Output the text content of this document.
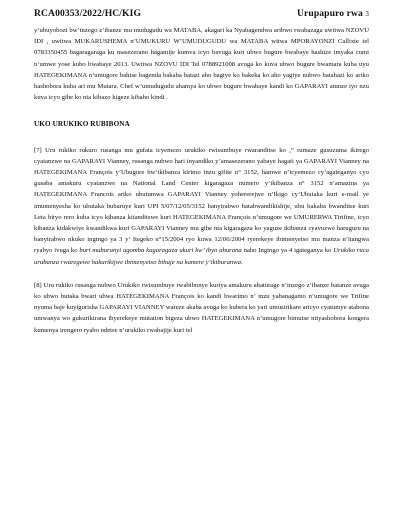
RCA00353/2022/HC/KIG	Urupapuro rwa 3

y’ubuyobozi bw’inzego z’ibanze mu mudugudu wa MATABA, akagari ka Nyabagendwa aribwo rwabazaga uwitwa NZOVU IDI , uwitwa MUKARUSHEMA n’UMUKURU W’UMUDUGUDU wa MATABA witwa MPORAYONZI Callixte tel 0783350455 bagaragaraga ku masezerano hagamije kumva icyo bavuga kuri ubwo bugure bwabaye hashize imyaka cumi n’umwe yose kubo bwabaye 2013. Uwitwa NZOVU IDI Tel 0788921008 avuga ko kuva ubwo bugure bwamara kuba uyu HATEGEKIMANA n’umugore bahise bagenda bakaba batazi aho bagiye ko bakeka ko aho yagiye nubwo batahazi ko ariko hashobora kuba ari mu Mutara. Chef w’umudugudu ahamya ko ubwo bugure bwabaye kandi ko GAPARAYI atunze iyo nzu kuva icyo gihe ko nta kibazo kigeze kibaho kindi .

UKO URUKIKO RUBIBONA

[7] Uru rukiko rukuro rusanga mu gufata icyemezo urukiko rwisumbuye rwaranditse ko ,” rumaze gusuzuma ikirego cyatanzwe na GAPARAYI Vianney, rusanga nubwo hari inyandiko y’amasezerano yabaye hagati ya GAPARAYI Vianney na HATEGEKIMANA François y’Ubugure bw’ikibanza kirimo inzu gifite n° 3152, hamwe n’icyemezo cy’agateganyo cyo gusaba amakuru cyatanzwe na National Land Center kigaragaza numero y’ikibanza n° 3152 n’amazina ya HATEGEKIMANA Francois ariko ubutumwa GAPARAYI Vianney yohererejwe n’Ikigo cy’Ubutaka kuri e-mail ye imumenyesha ko ubutaka bubaruye kuri UPI 5/07/12/05/3152 banyirabwo batabwandikishije, ubu bakaba bwanditse kuri Leta bityo rero kuba icyo kibanza kitanditswe kuri HATEGEKIMANA François n’umugore we UMURERWA Tirifine, icyo kibanza kidakwiye kwandikwa kuri GAPARAYI Vianney mu gihe nta kigaragaza ko yaguze ikibanza cyavuzwe haruguru na banyirabwo nkuko ingingo ya 3 y’ Itegeko n°15/2004 ryo kuwa 12/06/2004 ryerekeye ibimenyetso mu manza n’itangwa ryabyo ivuga ko buri muburanyi agomba kugaragaza ukuri kw’ ibyo aburana naho Ingingo ya 4 igateganya ko Urukiko ruca urubanza rwaregewe hakurikijwe ibimenyetso bihuje na kamere y’ikiburanwa.

[8] Uru rukiko rusanga nubwo Urukiko rwisumbuye rwabibonye kuriya amakuru abaturage n’inzego z’ibanze batanze avuga ko ubwo butaka bwari ubwa HATEGEKIMANA François ko kandi bwarimo n’ inzu yabanagamo n’umugore we Trifine nyuma baje kuyigurisha GAPARAYI VIANNEY wareze akaba avuga ko kubera ko yari umusirikare aricyo cyatumye atabona umwanya wo gukurikirana ibyerekeye mutation bigeza ubwo HATEGEKIMANA n’umugore bimutse ntiyashobora kongera kumenya irengero ryabo ndetse n’urukiko rwabajije kuri tel
